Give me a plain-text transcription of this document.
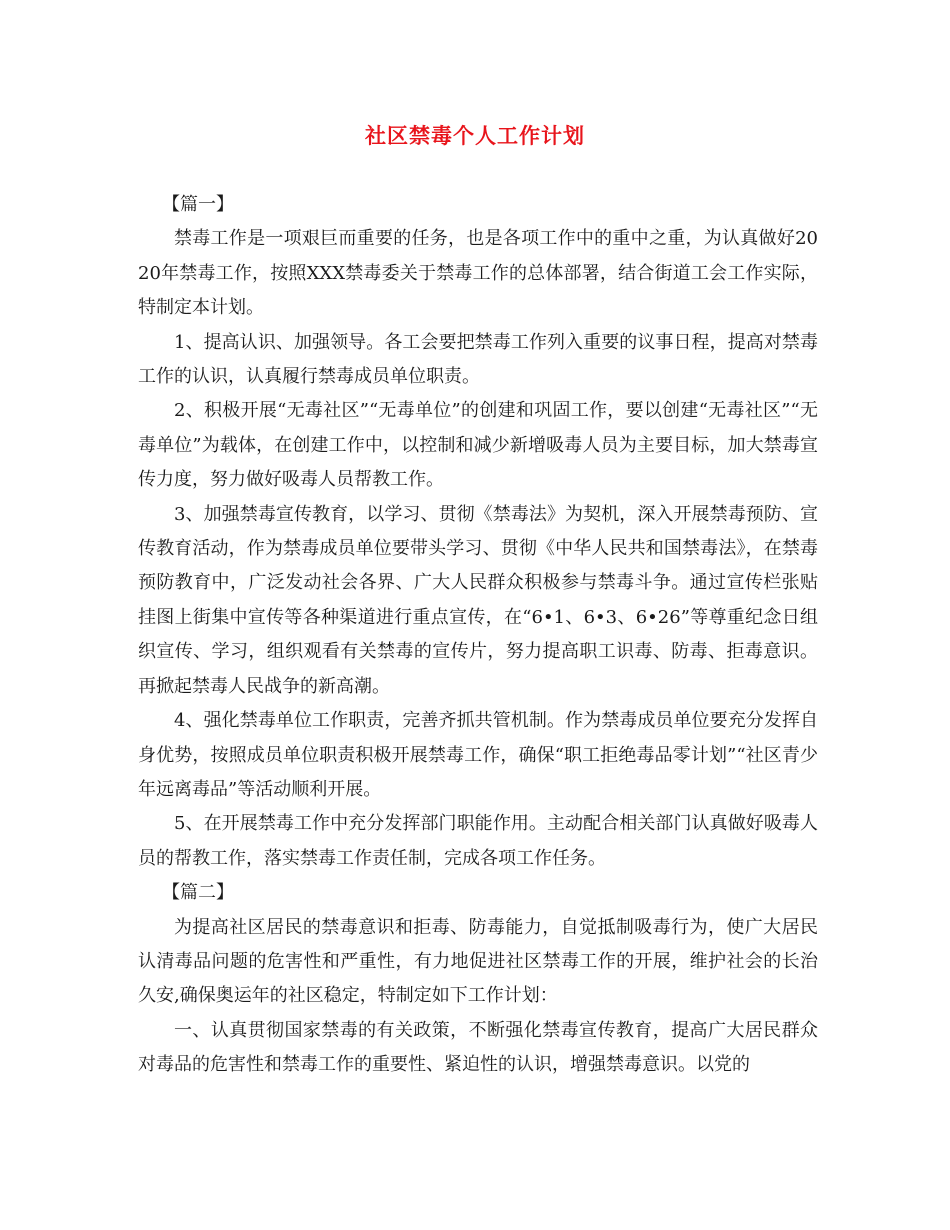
社区禁毒个人工作计划

【篇一】

禁毒工作是一项艰巨而重要的任务，也是各项工作中的重中之重，为认真做好2020年禁毒工作，按照XXX禁毒委关于禁毒工作的总体部署，结合街道工会工作实际，特制定本计划。

1、提高认识、加强领导。各工会要把禁毒工作列入重要的议事日程，提高对禁毒工作的认识，认真履行禁毒成员单位职责。

2、积极开展“无毒社区”“无毒单位”的创建和巩固工作，要以创建“无毒社区”“无毒单位”为载体，在创建工作中，以控制和减少新增吸毒人员为主要目标，加大禁毒宣传力度，努力做好吸毒人员帮教工作。

3、加强禁毒宣传教育，以学习、贯彻《禁毒法》为契机，深入开展禁毒预防、宣传教育活动，作为禁毒成员单位要带头学习、贯彻《中华人民共和国禁毒法》，在禁毒预防教育中，广泛发动社会各界、广大人民群众积极参与禁毒斗争。通过宣传栏张贴挂图上街集中宣传等各种渠道进行重点宣传，在“6•1、6•3、6•26”等尊重纪念日组织宣传、学习，组织观看有关禁毒的宣传片，努力提高职工识毒、防毒、拒毒意识。再掀起禁毒人民战争的新高潮。

4、强化禁毒单位工作职责，完善齐抓共管机制。作为禁毒成员单位要充分发挥自身优势，按照成员单位职责积极开展禁毒工作，确保“职工拒绝毒品零计划”“社区青少年远离毒品”等活动顺利开展。

5、在开展禁毒工作中充分发挥部门职能作用。主动配合相关部门认真做好吸毒人员的帮教工作，落实禁毒工作责任制，完成各项工作任务。

【篇二】

为提高社区居民的禁毒意识和拒毒、防毒能力，自觉抵制吸毒行为，使广大居民认清毒品问题的危害性和严重性，有力地促进社区禁毒工作的开展，维护社会的长治久安,确保奥运年的社区稳定，特制定如下工作计划：

一、认真贯彻国家禁毒的有关政策，不断强化禁毒宣传教育，提高广大居民群众对毒品的危害性和禁毒工作的重要性、紧迫性的认识，增强禁毒意识。以党的
